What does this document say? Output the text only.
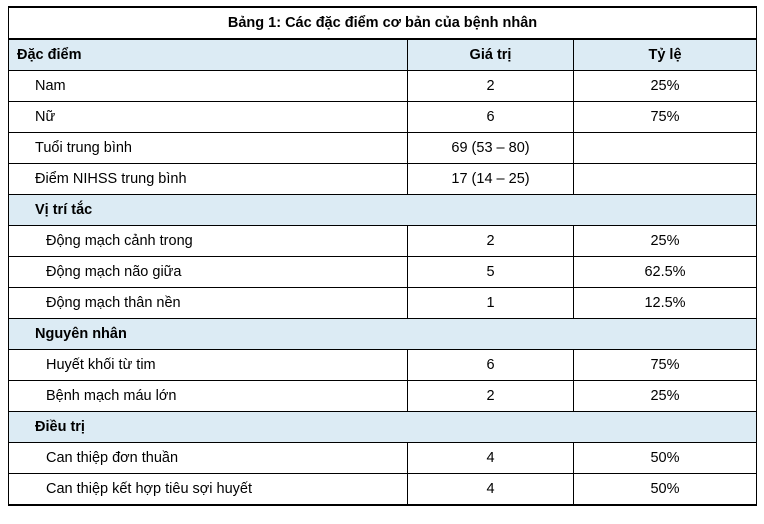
Bảng 1: Các đặc điểm cơ bản của bệnh nhân		
Đặc điểm	Giá trị	Tỷ lệ
Nam	2	25%
Nữ	6	75%
Tuổi trung bình	69 (53 – 80)	
Điểm NIHSS trung bình	17 (14 – 25)	
Vị trí tắc		
Động mạch cảnh trong	2	25%
Động mạch não giữa	5	62.5%
Động mạch thân nền	1	12.5%
Nguyên nhân		
Huyết khối từ tim	6	75%
Bệnh mạch máu lớn	2	25%
Điều trị		
Can thiệp đơn thuần	4	50%
Can thiệp kết hợp tiêu sợi huyết	4	50%
